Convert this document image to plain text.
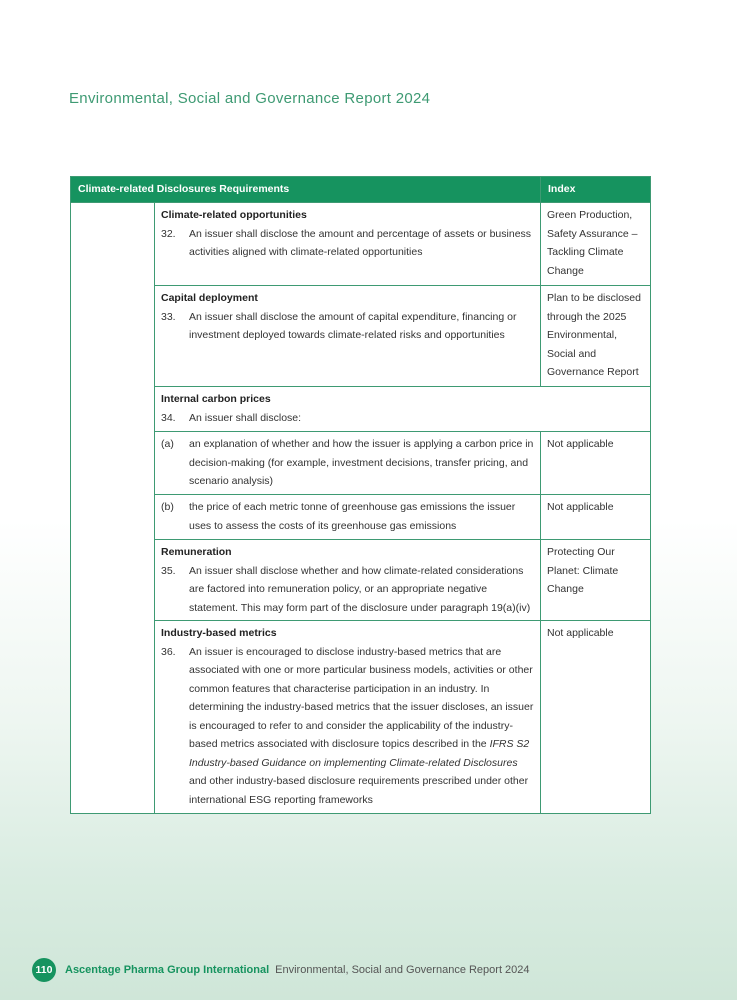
Environmental, Social and Governance Report 2024
Climate-related Disclosures Requirements		Index

	Climate-related opportunities
32. An issuer shall disclose the amount and percentage of assets or business activities aligned with climate-related opportunities	Green Production, Safety Assurance – Tackling Climate Change

	Capital deployment
33. An issuer shall disclose the amount of capital expenditure, financing or investment deployed towards climate-related risks and opportunities	Plan to be disclosed through the 2025 Environmental, Social and Governance Report

	Internal carbon prices
34. An issuer shall disclose:	

	(a) an explanation of whether and how the issuer is applying a carbon price in decision-making (for example, investment decisions, transfer pricing, and scenario analysis)	Not applicable

	(b) the price of each metric tonne of greenhouse gas emissions the issuer uses to assess the costs of its greenhouse gas emissions	Not applicable

	Remuneration
35. An issuer shall disclose whether and how climate-related considerations are factored into remuneration policy, or an appropriate negative statement. This may form part of the disclosure under paragraph 19(a)(iv)	Protecting Our Planet: Climate Change

	Industry-based metrics
36. An issuer is encouraged to disclose industry-based metrics that are associated with one or more particular business models, activities or other common features that characterise participation in an industry. In determining the industry-based metrics that the issuer discloses, an issuer is encouraged to refer to and consider the applicability of the industry-based metrics associated with disclosure topics described in the IFRS S2 Industry-based Guidance on implementing Climate-related Disclosures and other industry-based disclosure requirements prescribed under other international ESG reporting frameworks	Not applicable
110	Ascentage Pharma Group International Environmental, Social and Governance Report 2024
